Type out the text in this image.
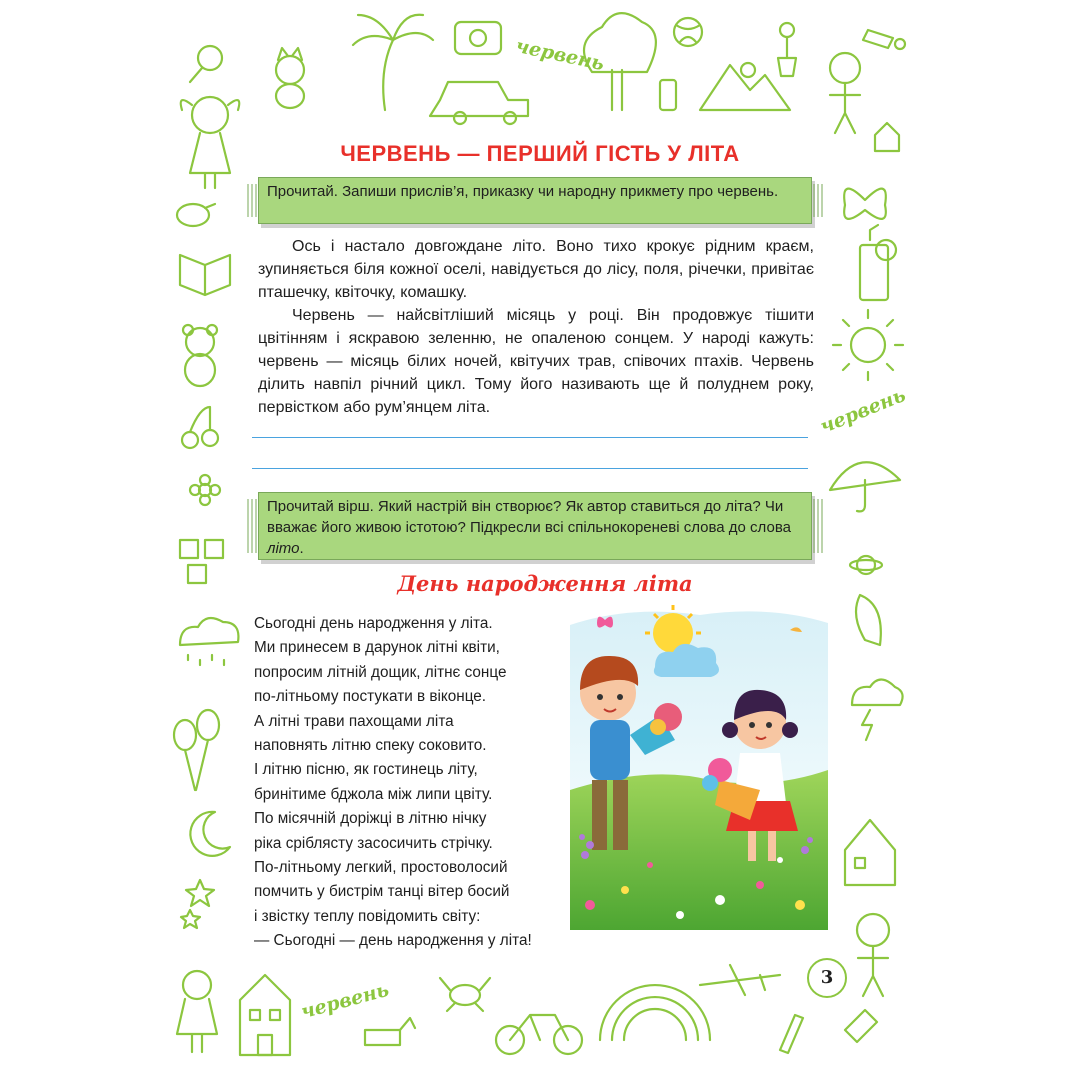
червень
червень
червень
ЧЕРВЕНЬ — ПЕРШИЙ ГІСТЬ У ЛІТА
Прочитай. Запиши прислів’я, приказку чи народну прикмету про червень.

Ось і настало довгождане літо. Воно тихо крокує рідним краєм, зупиняється біля кожної оселі, навідується до лісу, поля, річечки, привітає пташечку, квіточку, комашку.

Червень — найсвітліший місяць у році. Він продовжує тішити цвітінням і яскравою зеленню, не опаленою сонцем. У народі кажуть: червень — місяць білих ночей, квітучих трав, співочих птахів. Червень ділить навпіл річний цикл. Тому його називають ще й полуднем року, первістком або рум’янцем літа.

Прочитай вірш. Який настрій він створює? Як автор ставиться до літа? Чи вважає його живою істотою? Підкресли всі спільнокореневі слова до слова літо.
День народження літа
Сьогодні день народження у літа.
Ми принесем в дарунок літні квіти,
попросим літній дощик, літнє сонце
по-літньому постукати в віконце.
А літні трави пахощами літа
наповнять літню спеку соковито.
І літню пісню, як гостинець літу,
бринітиме бджола між липи цвіту.
По місячній доріжці в літню нічку
ріка сріблясту засосичить стрічку.
По-літньому легкий, простоволосий
помчить у бистрім танці вітер босий
і звістку теплу повідомить світу:
— Сьогодні — день народження у літа!
3
